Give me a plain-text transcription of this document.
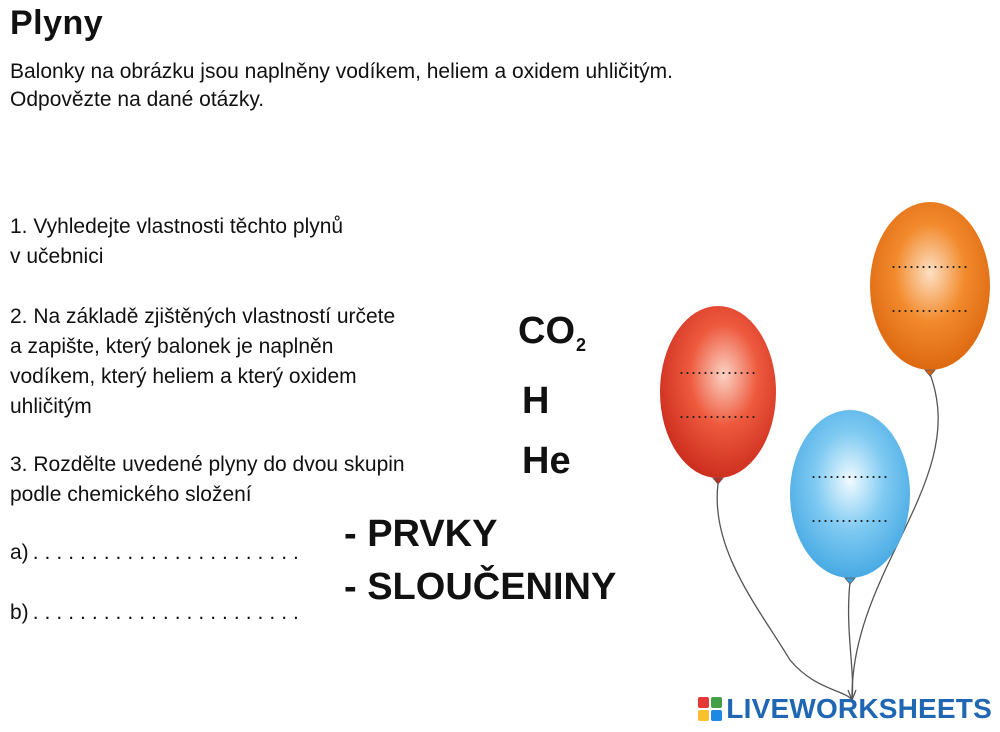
Plyny
Balonky na obrázku jsou naplněny vodíkem, heliem a oxidem uhličitým.
Odpovězte na dané otázky.
1. Vyhledejte vlastnosti těchto plynů
v učebnici
2. Na základě zjištěných vlastností určete
a zapište, který balonek je naplněn
vodíkem, který heliem a který oxidem
uhličitým
3. Rozdělte uvedené plyny do dvou skupin
podle chemického složení
$CO_2$
H
He
a) .......................
b) .......................
- PRVKY
- SLOUČENINY
.............
.............
.............
.............
.............
.............
LIVEWORKSHEETS
